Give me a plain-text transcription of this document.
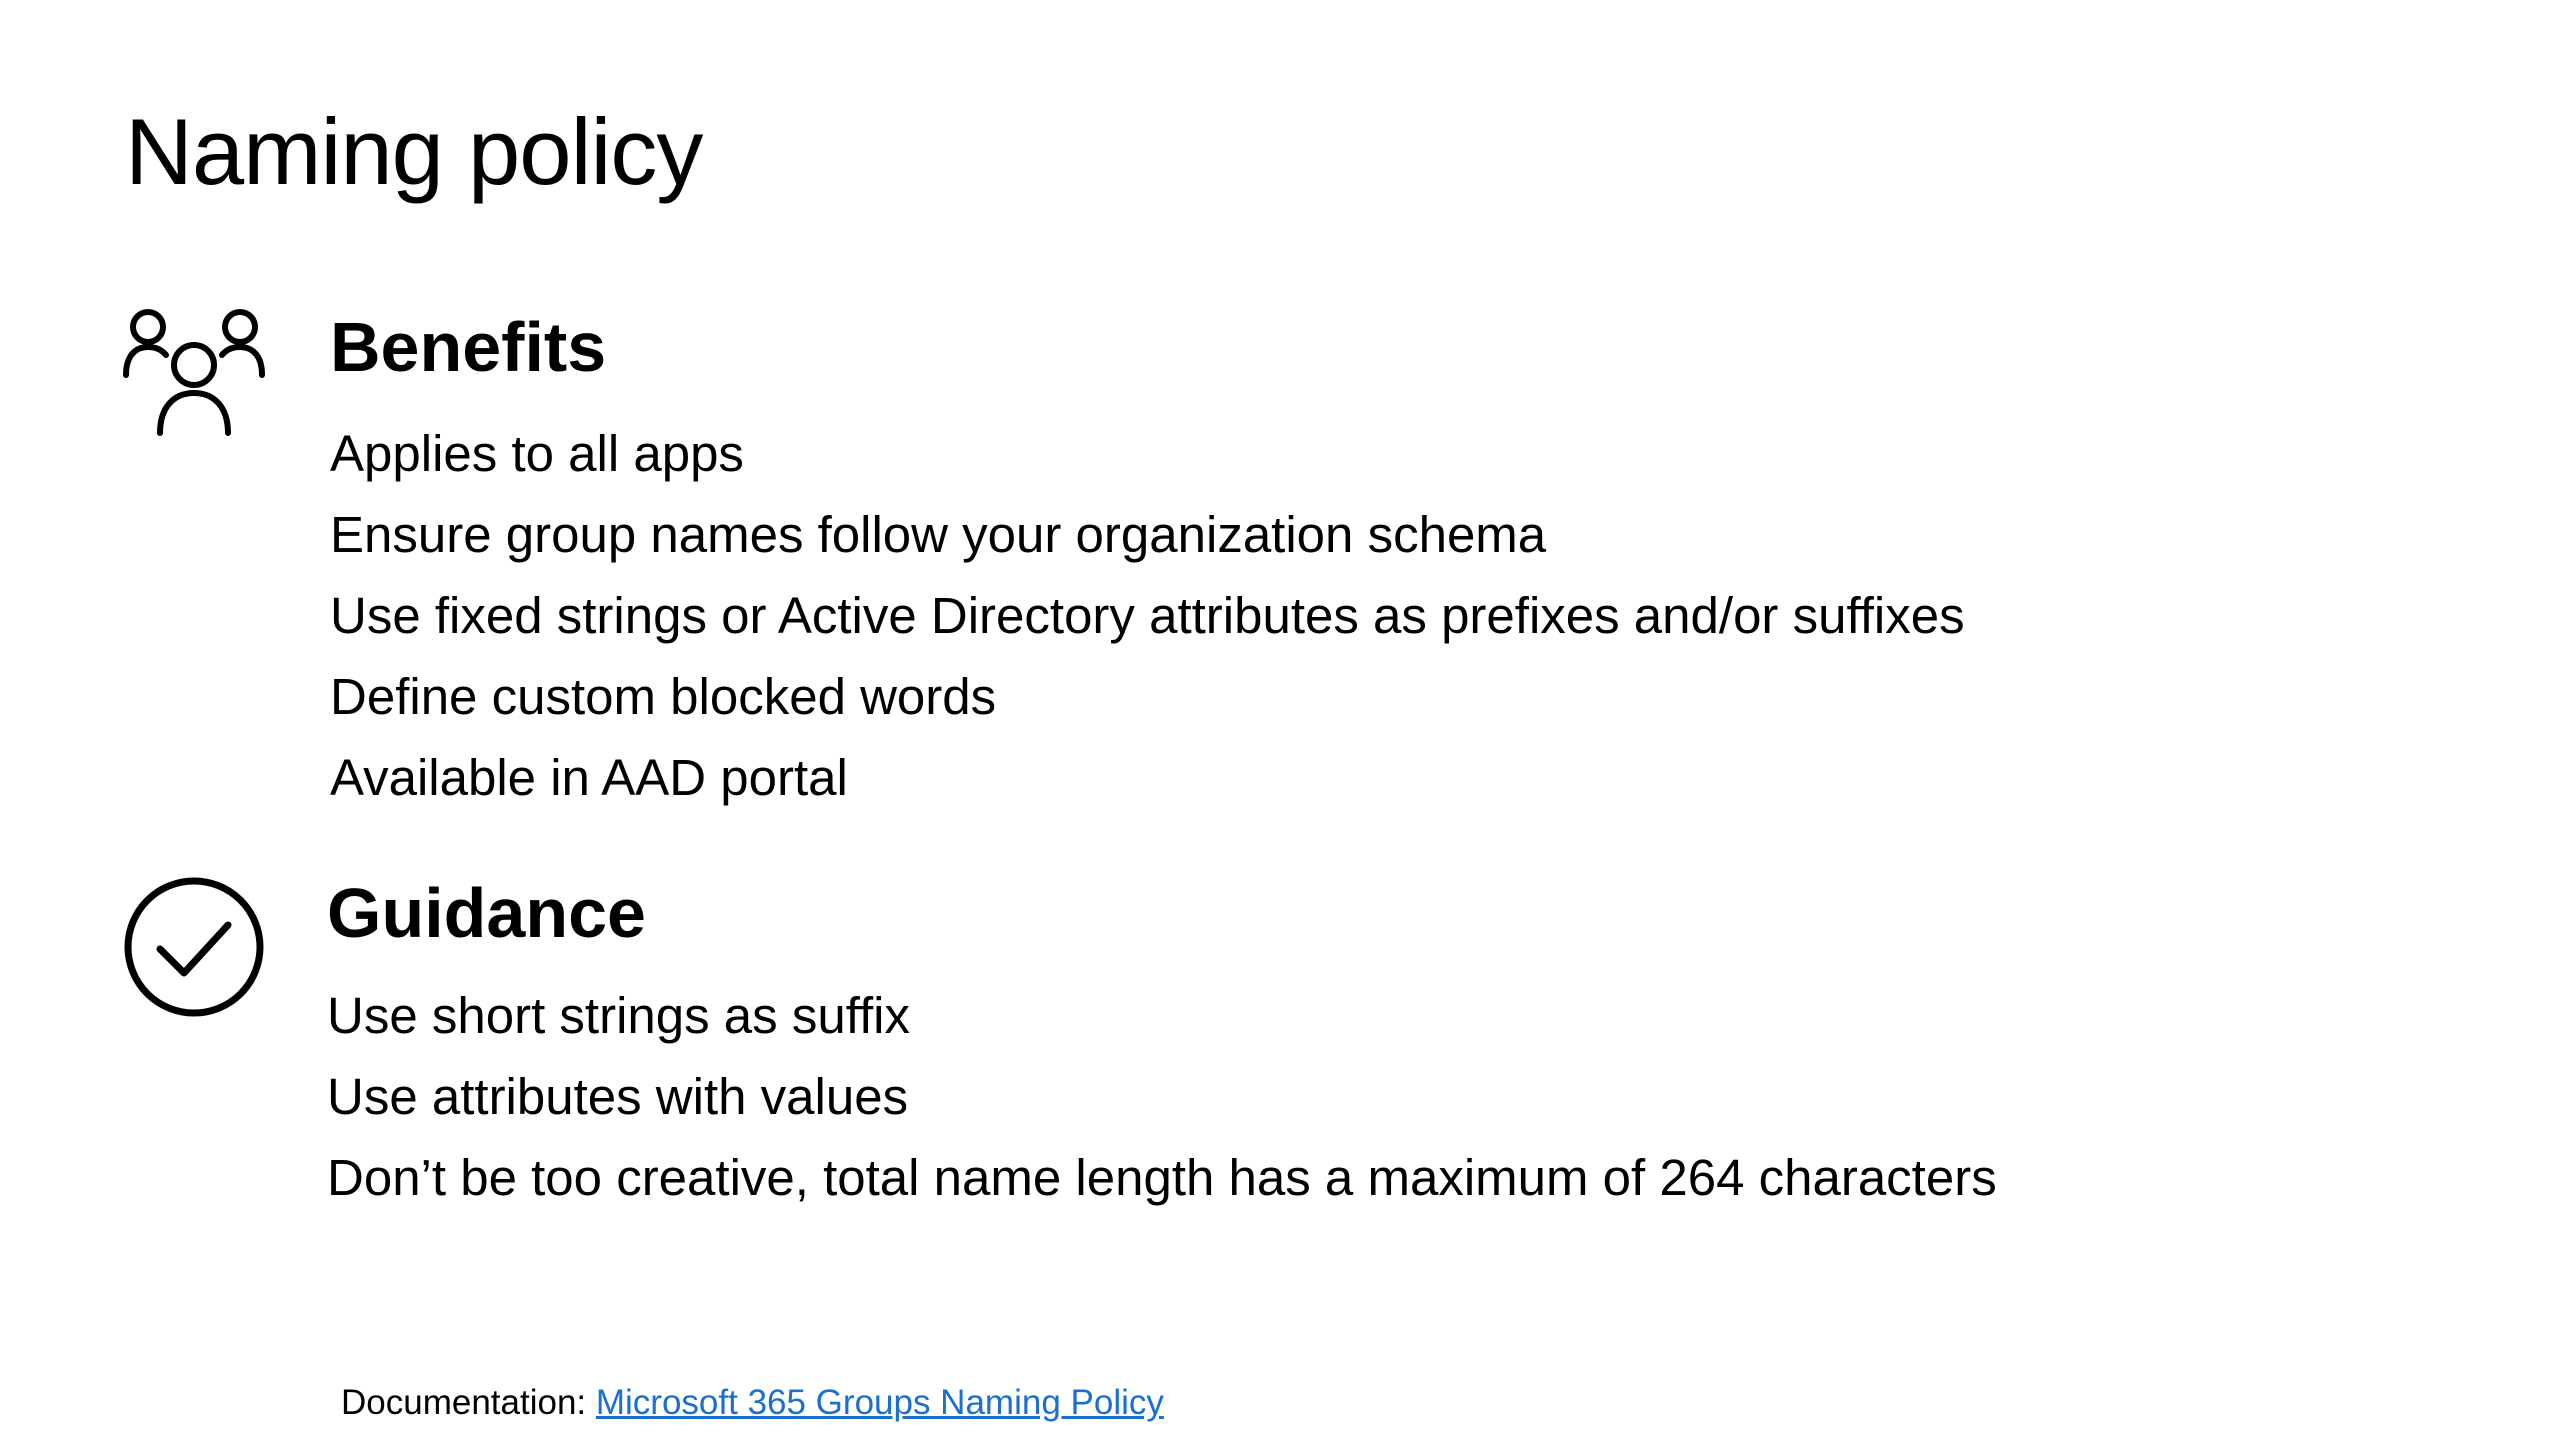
Naming policy
Benefits
Applies to all apps
Ensure group names follow your organization schema
Use fixed strings or Active Directory attributes as prefixes and/or suffixes
Define custom blocked words
Available in AAD portal
Guidance
Use short strings as suffix
Use attributes with values
Don’t be too creative, total name length has a maximum of 264 characters
Documentation: Microsoft 365 Groups Naming Policy
